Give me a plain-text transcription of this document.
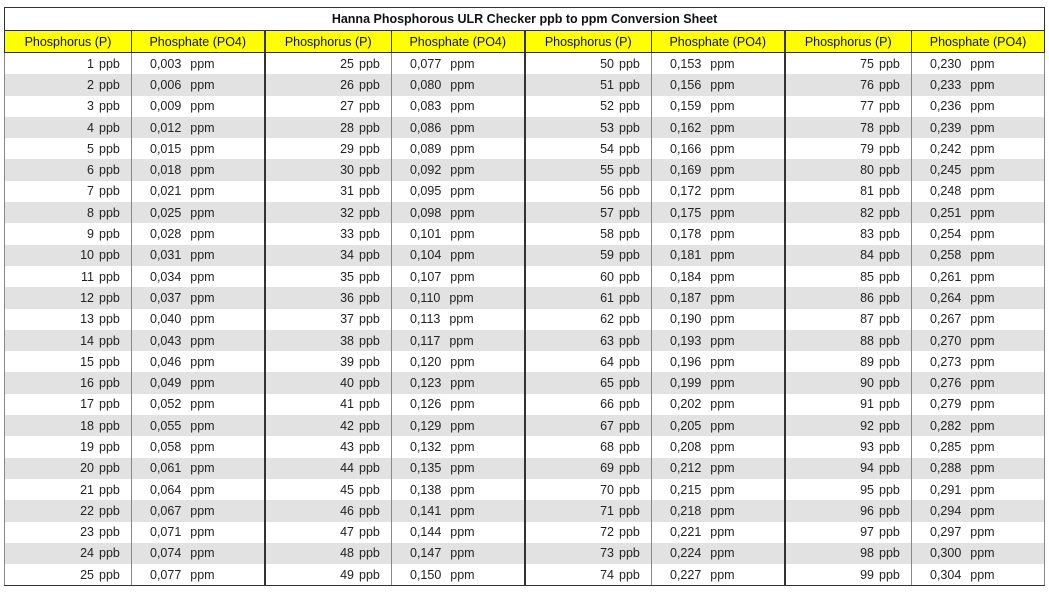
Hanna Phosphorous ULR Checker ppb to ppm Conversion Sheet							
Phosphorus (P)	Phosphate (PO4)	Phosphorus (P)	Phosphate (PO4)	Phosphorus (P)	Phosphate (PO4)	Phosphorus (P)	Phosphate (PO4)
1 ppb	0,003 ppm	25 ppb	0,077 ppm	50 ppb	0,153 ppm	75 ppb	0,230 ppm
2 ppb	0,006 ppm	26 ppb	0,080 ppm	51 ppb	0,156 ppm	76 ppb	0,233 ppm
3 ppb	0,009 ppm	27 ppb	0,083 ppm	52 ppb	0,159 ppm	77 ppb	0,236 ppm
4 ppb	0,012 ppm	28 ppb	0,086 ppm	53 ppb	0,162 ppm	78 ppb	0,239 ppm
5 ppb	0,015 ppm	29 ppb	0,089 ppm	54 ppb	0,166 ppm	79 ppb	0,242 ppm
6 ppb	0,018 ppm	30 ppb	0,092 ppm	55 ppb	0,169 ppm	80 ppb	0,245 ppm
7 ppb	0,021 ppm	31 ppb	0,095 ppm	56 ppb	0,172 ppm	81 ppb	0,248 ppm
8 ppb	0,025 ppm	32 ppb	0,098 ppm	57 ppb	0,175 ppm	82 ppb	0,251 ppm
9 ppb	0,028 ppm	33 ppb	0,101 ppm	58 ppb	0,178 ppm	83 ppb	0,254 ppm
10 ppb	0,031 ppm	34 ppb	0,104 ppm	59 ppb	0,181 ppm	84 ppb	0,258 ppm
11 ppb	0,034 ppm	35 ppb	0,107 ppm	60 ppb	0,184 ppm	85 ppb	0,261 ppm
12 ppb	0,037 ppm	36 ppb	0,110 ppm	61 ppb	0,187 ppm	86 ppb	0,264 ppm
13 ppb	0,040 ppm	37 ppb	0,113 ppm	62 ppb	0,190 ppm	87 ppb	0,267 ppm
14 ppb	0,043 ppm	38 ppb	0,117 ppm	63 ppb	0,193 ppm	88 ppb	0,270 ppm
15 ppb	0,046 ppm	39 ppb	0,120 ppm	64 ppb	0,196 ppm	89 ppb	0,273 ppm
16 ppb	0,049 ppm	40 ppb	0,123 ppm	65 ppb	0,199 ppm	90 ppb	0,276 ppm
17 ppb	0,052 ppm	41 ppb	0,126 ppm	66 ppb	0,202 ppm	91 ppb	0,279 ppm
18 ppb	0,055 ppm	42 ppb	0,129 ppm	67 ppb	0,205 ppm	92 ppb	0,282 ppm
19 ppb	0,058 ppm	43 ppb	0,132 ppm	68 ppb	0,208 ppm	93 ppb	0,285 ppm
20 ppb	0,061 ppm	44 ppb	0,135 ppm	69 ppb	0,212 ppm	94 ppb	0,288 ppm
21 ppb	0,064 ppm	45 ppb	0,138 ppm	70 ppb	0,215 ppm	95 ppb	0,291 ppm
22 ppb	0,067 ppm	46 ppb	0,141 ppm	71 ppb	0,218 ppm	96 ppb	0,294 ppm
23 ppb	0,071 ppm	47 ppb	0,144 ppm	72 ppb	0,221 ppm	97 ppb	0,297 ppm
24 ppb	0,074 ppm	48 ppb	0,147 ppm	73 ppb	0,224 ppm	98 ppb	0,300 ppm
25 ppb	0,077 ppm	49 ppb	0,150 ppm	74 ppb	0,227 ppm	99 ppb	0,304 ppm
